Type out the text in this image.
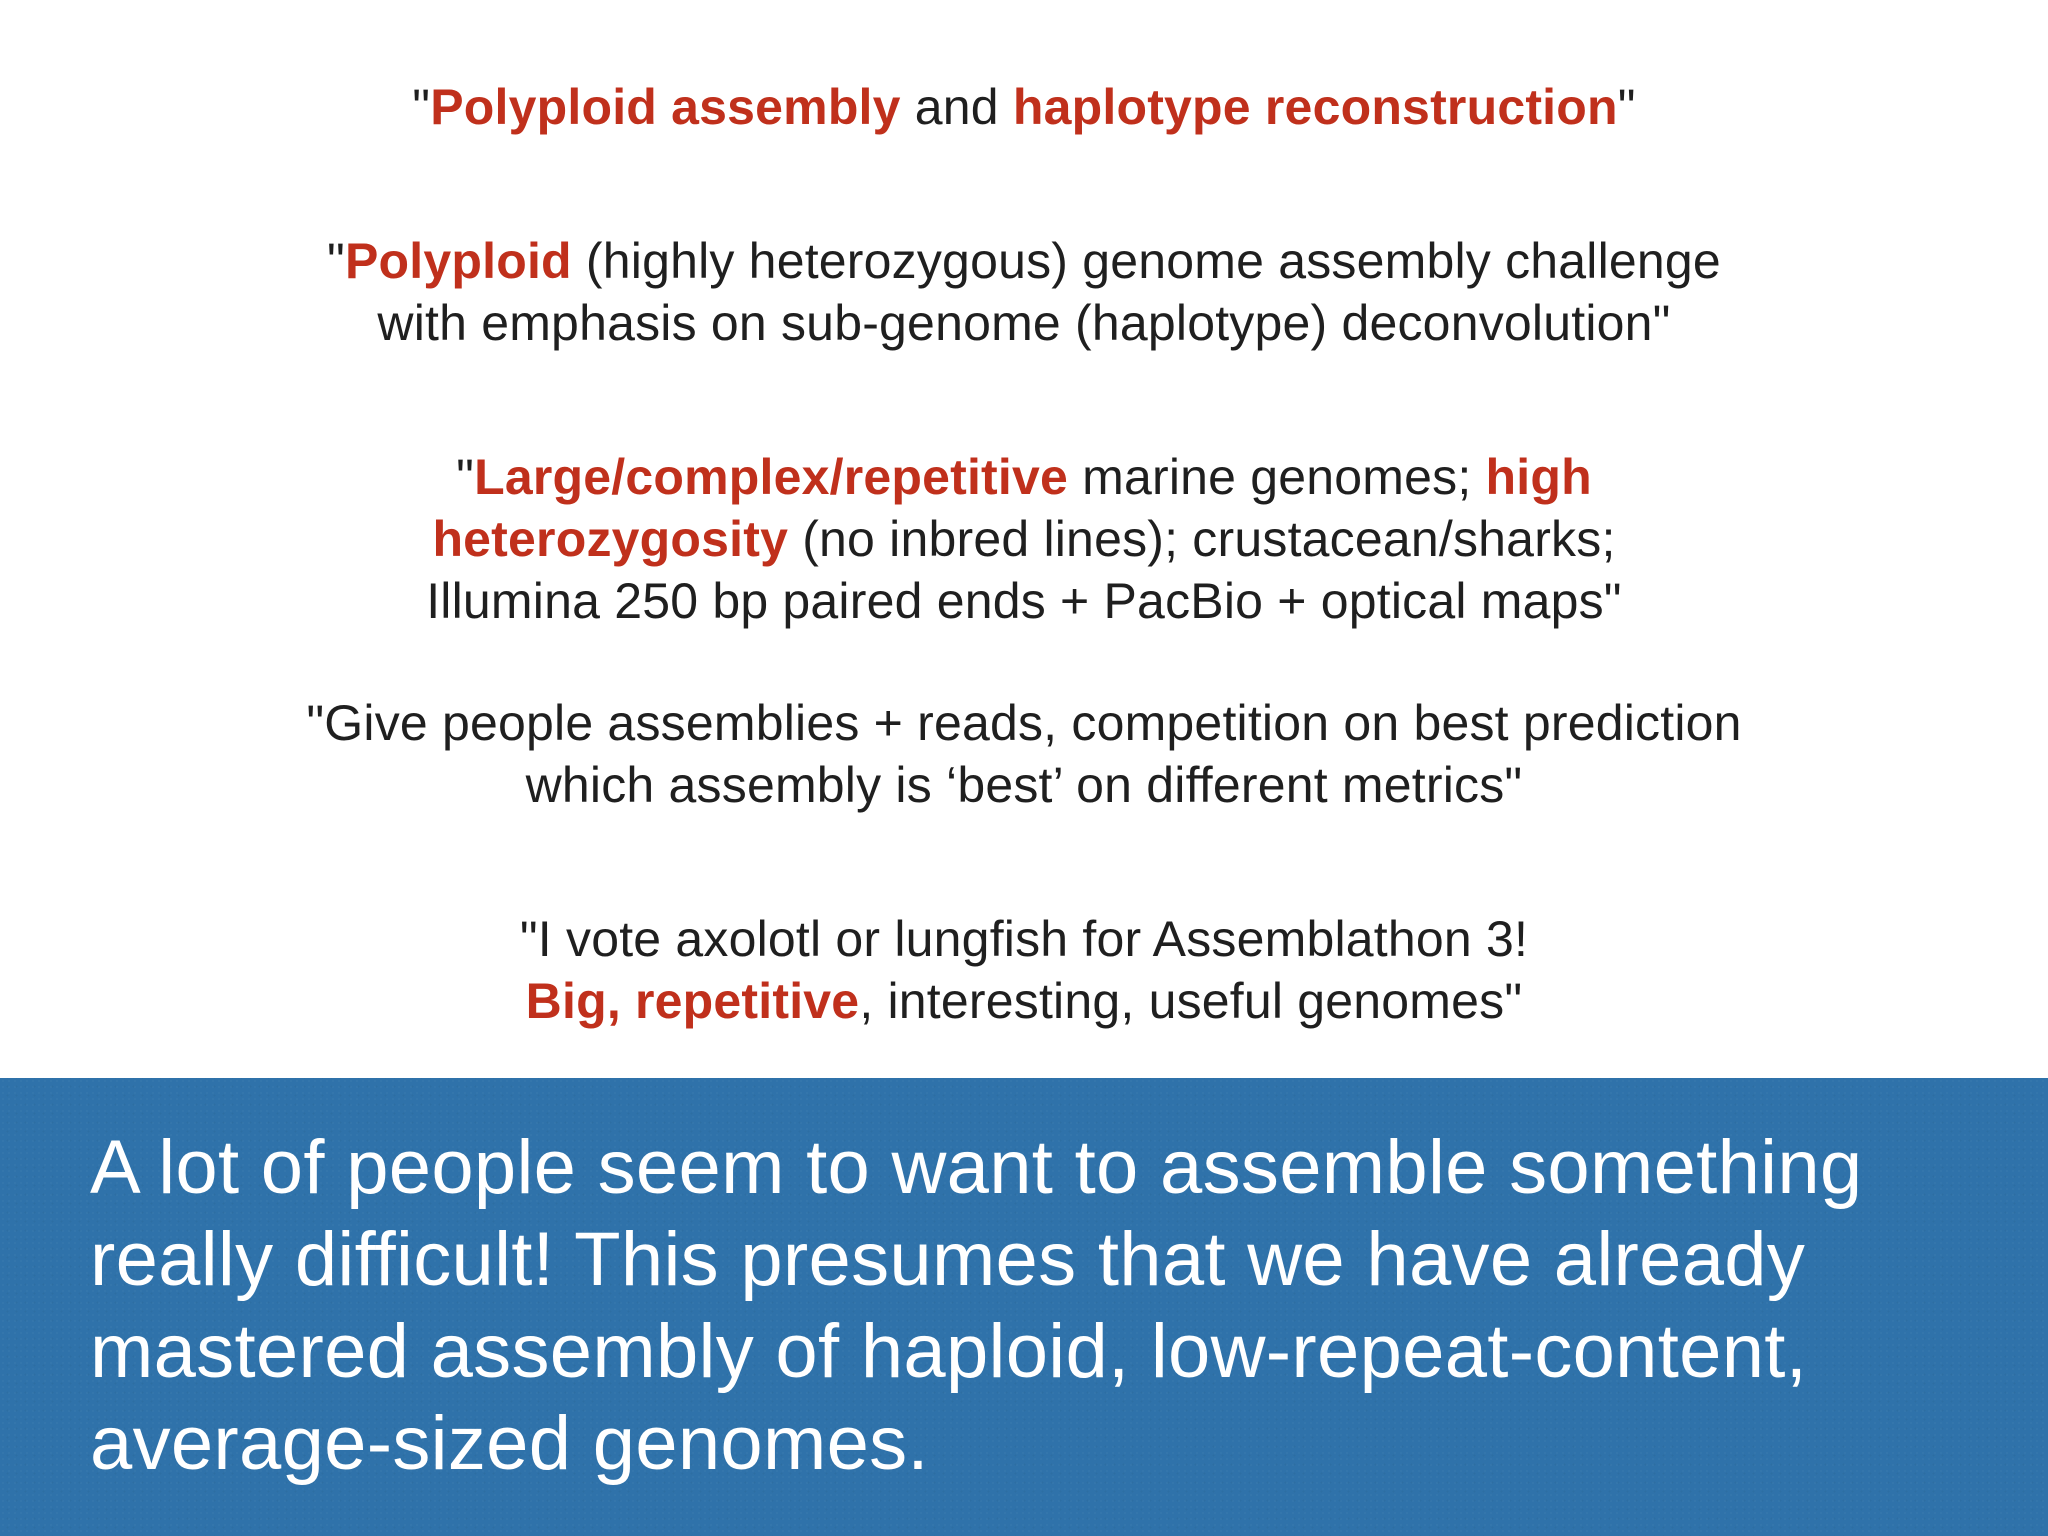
"Polyploid assembly and haplotype reconstruction"
"Polyploid (highly heterozygous) genome assembly challenge
with emphasis on sub-genome (haplotype) deconvolution"
"Large/complex/repetitive marine genomes; high
heterozygosity (no inbred lines); crustacean/sharks;
Illumina 250 bp paired ends + PacBio + optical maps"
"Give people assemblies + reads, competition on best prediction
which assembly is ‘best’ on different metrics"
"I vote axolotl or lungfish for Assemblathon 3!
Big, repetitive, interesting, useful genomes"
A lot of people seem to want to assemble something
really difficult! This presumes that we have already
mastered assembly of haploid, low-repeat-content,
average-sized genomes.
